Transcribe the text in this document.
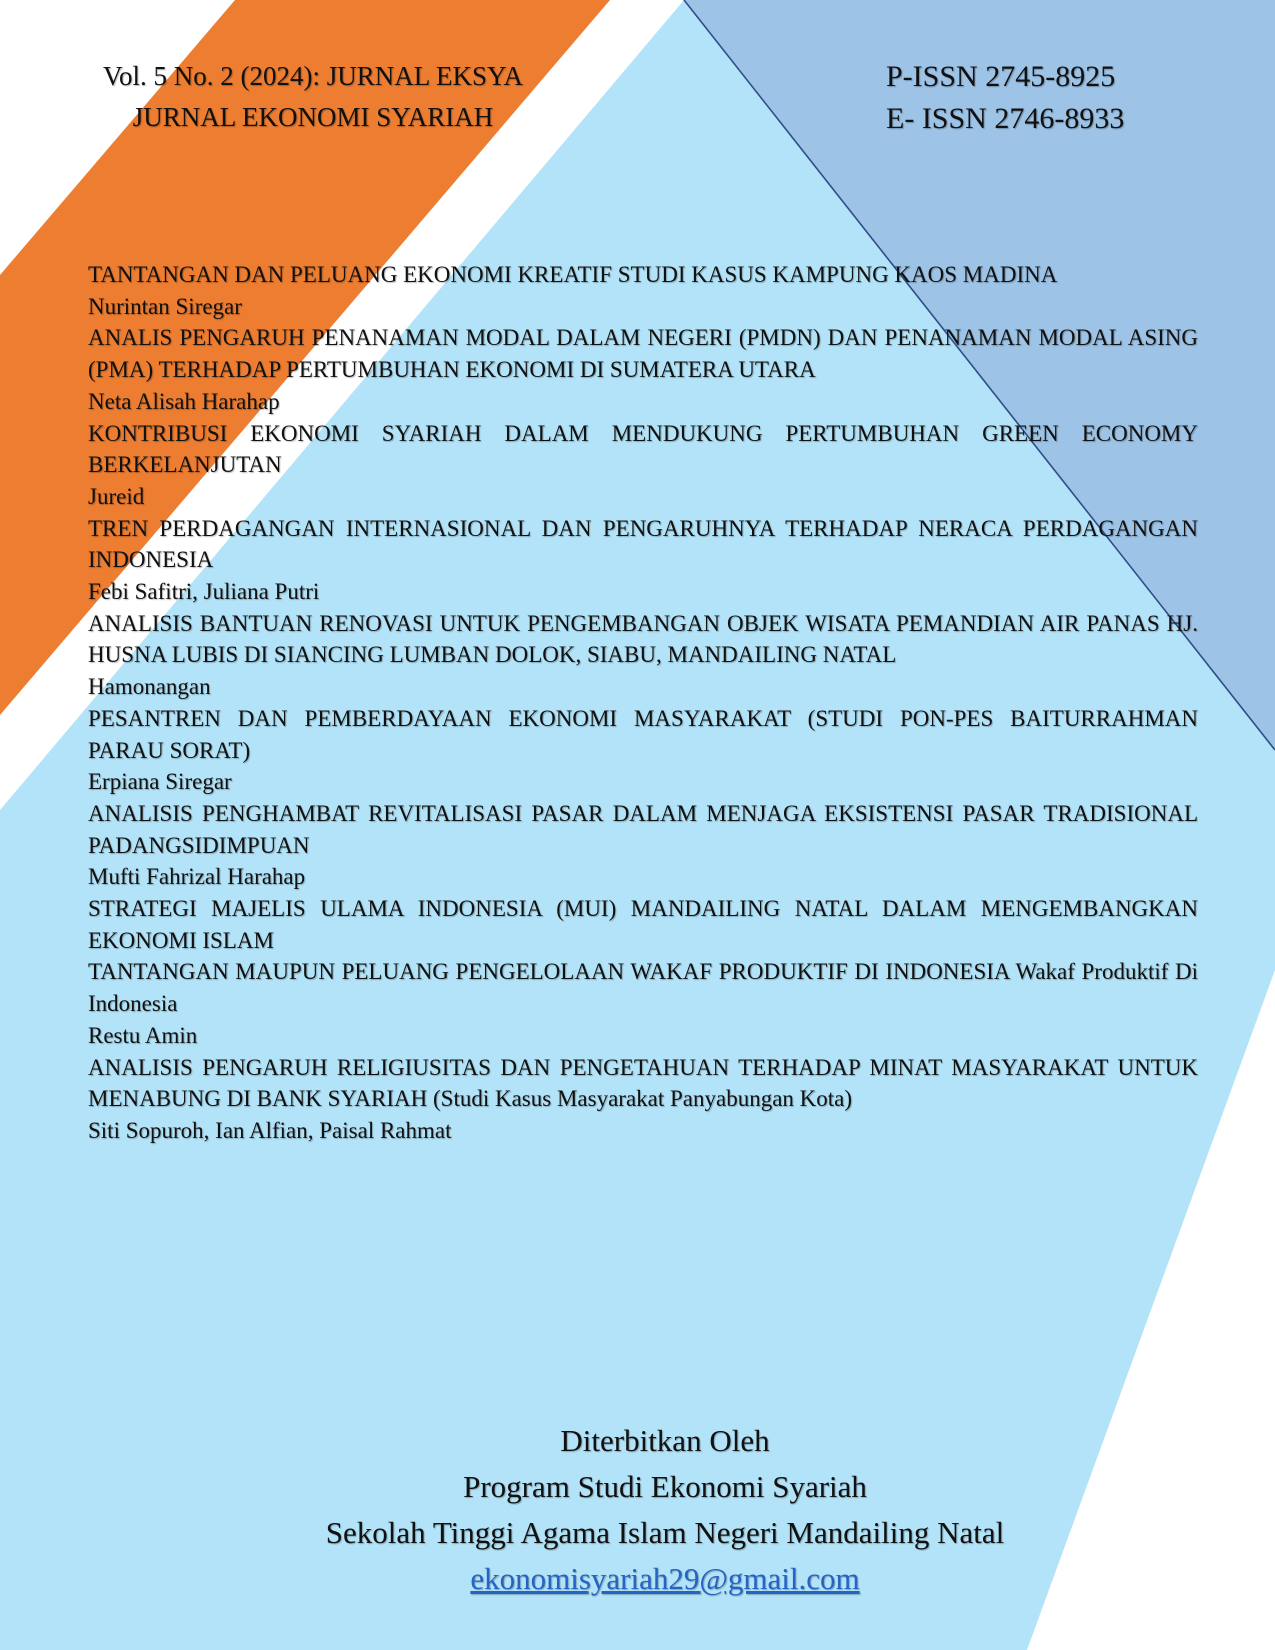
Vol. 5 No. 2 (2024): JURNAL EKSYA
JURNAL EKONOMI SYARIAH
P-ISSN 2745-8925
E- ISSN 2746-8933
TANTANGAN DAN PELUANG EKONOMI KREATIF STUDI KASUS KAMPUNG KAOS MADINA
Nurintan Siregar
ANALIS PENGARUH PENANAMAN MODAL DALAM NEGERI (PMDN) DAN PENANAMAN MODAL ASING (PMA) TERHADAP PERTUMBUHAN EKONOMI DI SUMATERA UTARA
Neta Alisah Harahap
KONTRIBUSI EKONOMI SYARIAH DALAM MENDUKUNG PERTUMBUHAN GREEN ECONOMY BERKELANJUTAN
Jureid
TREN PERDAGANGAN INTERNASIONAL DAN PENGARUHNYA TERHADAP NERACA PERDAGANGAN INDONESIA
Febi Safitri, Juliana Putri
ANALISIS BANTUAN RENOVASI UNTUK PENGEMBANGAN OBJEK WISATA PEMANDIAN AIR PANAS HJ. HUSNA LUBIS DI SIANCING LUMBAN DOLOK, SIABU, MANDAILING NATAL
Hamonangan
PESANTREN DAN PEMBERDAYAAN EKONOMI MASYARAKAT (STUDI PON-PES BAITURRAHMAN PARAU SORAT)
Erpiana Siregar
ANALISIS PENGHAMBAT REVITALISASI PASAR DALAM MENJAGA EKSISTENSI PASAR TRADISIONAL PADANGSIDIMPUAN
Mufti Fahrizal Harahap
STRATEGI MAJELIS ULAMA INDONESIA (MUI) MANDAILING NATAL DALAM MENGEMBANGKAN EKONOMI ISLAM
TANTANGAN MAUPUN PELUANG PENGELOLAAN WAKAF PRODUKTIF DI INDONESIA Wakaf Produktif Di Indonesia
Restu Amin
ANALISIS PENGARUH RELIGIUSITAS DAN PENGETAHUAN TERHADAP MINAT MASYARAKAT UNTUK MENABUNG DI BANK SYARIAH (Studi Kasus Masyarakat Panyabungan Kota)
Siti Sopuroh, Ian Alfian, Paisal Rahmat
Diterbitkan Oleh
Program Studi Ekonomi Syariah
Sekolah Tinggi Agama Islam Negeri Mandailing Natal
ekonomisyariah29@gmail.com
